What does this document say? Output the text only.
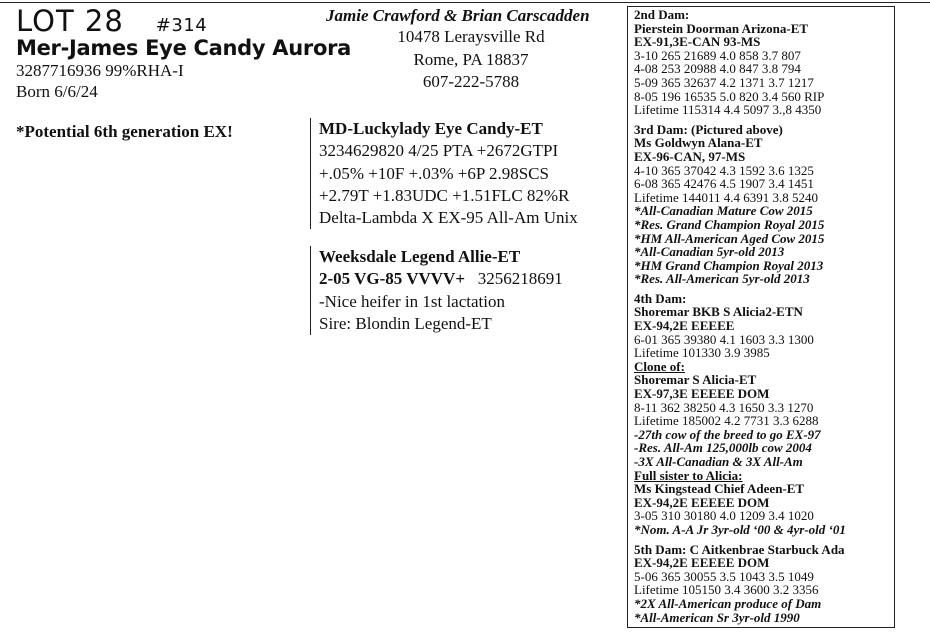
LOT 28 #314
Mer-James Eye Candy Aurora
3287716936 99%RHA-I
Born 6/6/24
*Potential 6th generation EX!
Jamie Crawford & Brian Carscadden
10478 Leraysville Rd
Rome, PA 18837
607-222-5788
MD-Luckylady Eye Candy-ET
3234629820 4/25 PTA +2672GTPI
+.05% +10F +.03% +6P 2.98SCS
+2.79T +1.83UDC +1.51FLC 82%R
Delta-Lambda X EX-95 All-Am Unix
Weeksdale Legend Allie-ET
2-05 VG-85 VVVV+ 3256218691
-Nice heifer in 1st lactation
Sire: Blondin Legend-ET
2nd Dam:
Pierstein Doorman Arizona-ET
EX-91,3E-CAN 93-MS
3-10 265 21689 4.0 858 3.7 807
4-08 253 20988 4.0 847 3.8 794
5-09 365 32637 4.2 1371 3.7 1217
8-05 196 16535 5.0 820 3.4 560 RIP
Lifetime 115314 4.4 5097 3.,8 4350
3rd Dam: (Pictured above)
Ms Goldwyn Alana-ET
EX-96-CAN, 97-MS
4-10 365 37042 4.3 1592 3.6 1325
6-08 365 42476 4.5 1907 3.4 1451
Lifetime 144011 4.4 6391 3.8 5240
*All-Canadian Mature Cow 2015
*Res. Grand Champion Royal 2015
*HM All-American Aged Cow 2015
*All-Canadian 5yr-old 2013
*HM Grand Champion Royal 2013
*Res. All-American 5yr-old 2013
4th Dam:
Shoremar BKB S Alicia2-ETN
EX-94,2E EEEEE
6-01 365 39380 4.1 1603 3.3 1300
Lifetime 101330 3.9 3985
Clone of:
Shoremar S Alicia-ET
EX-97,3E EEEEE DOM
8-11 362 38250 4.3 1650 3.3 1270
Lifetime 185002 4.2 7731 3.3 6288
-27th cow of the breed to go EX-97
-Res. All-Am 125,000lb cow 2004
-3X All-Canadian & 3X All-Am
Full sister to Alicia:
Ms Kingstead Chief Adeen-ET
EX-94,2E EEEEE DOM
3-05 310 30180 4.0 1209 3.4 1020
*Nom. A-A Jr 3yr-old ‘00 & 4yr-old ‘01
5th Dam: C Aitkenbrae Starbuck Ada
EX-94,2E EEEEE DOM
5-06 365 30055 3.5 1043 3.5 1049
Lifetime 105150 3.4 3600 3.2 3356
*2X All-American produce of Dam
*All-American Sr 3yr-old 1990
